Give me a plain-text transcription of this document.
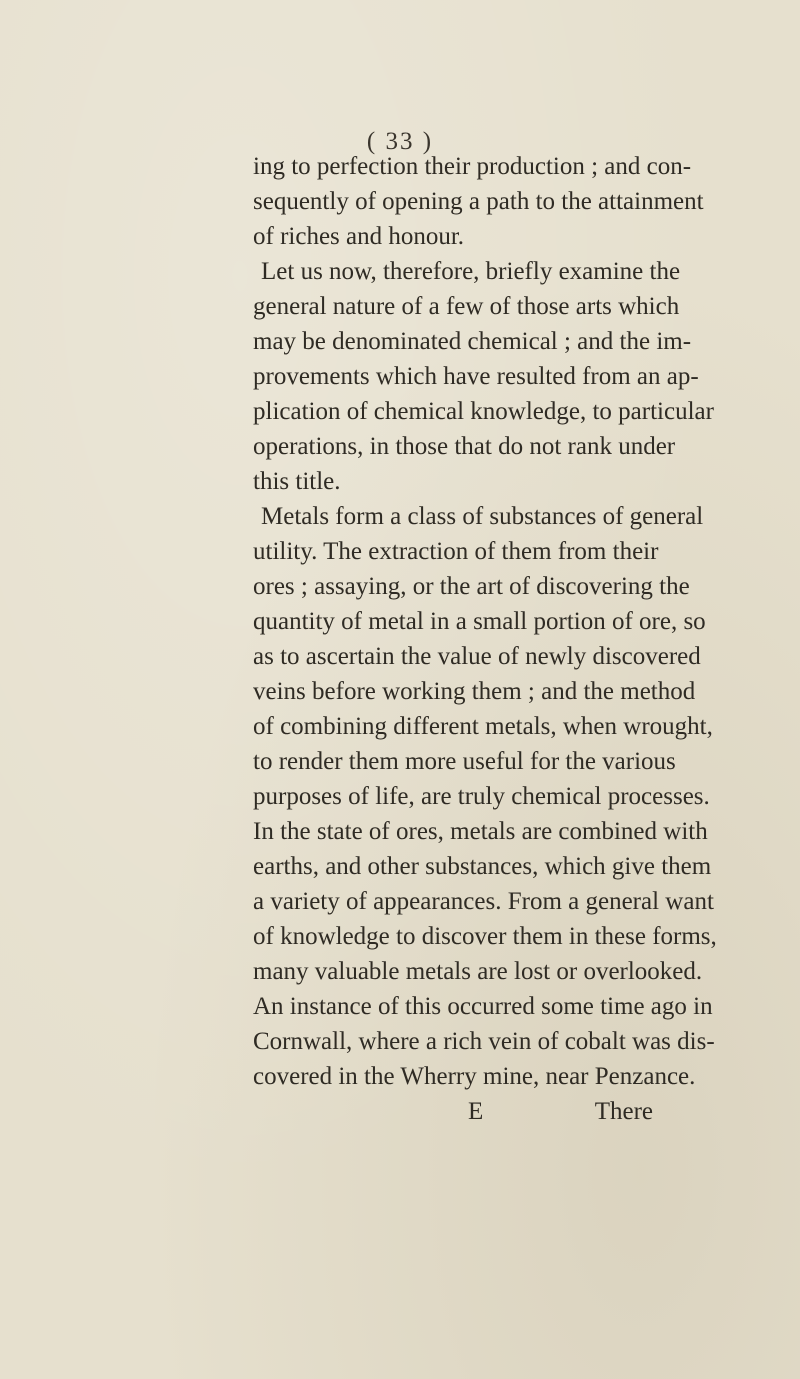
( 33 )
ing to perfection their production ; and con-
sequently of opening a path to the attainment
of riches and honour.
Let us now, therefore, briefly examine the
general nature of a few of those arts which
may be denominated chemical ; and the im-
provements which have resulted from an ap-
plication of chemical knowledge, to particular
operations, in those that do not rank under
this title.
Metals form a class of substances of general
utility. The extraction of them from their
ores ; assaying, or the art of discovering the
quantity of metal in a small portion of ore, so
as to ascertain the value of newly discovered
veins before working them ; and the method
of combining different metals, when wrought,
to render them more useful for the various
purposes of life, are truly chemical processes.
In the state of ores, metals are combined with
earths, and other substances, which give them
a variety of appearances. From a general want
of knowledge to discover them in these forms,
many valuable metals are lost or overlooked.
An instance of this occurred some time ago in
Cornwall, where a rich vein of cobalt was dis-
covered in the Wherry mine, near Penzance.
E	There
